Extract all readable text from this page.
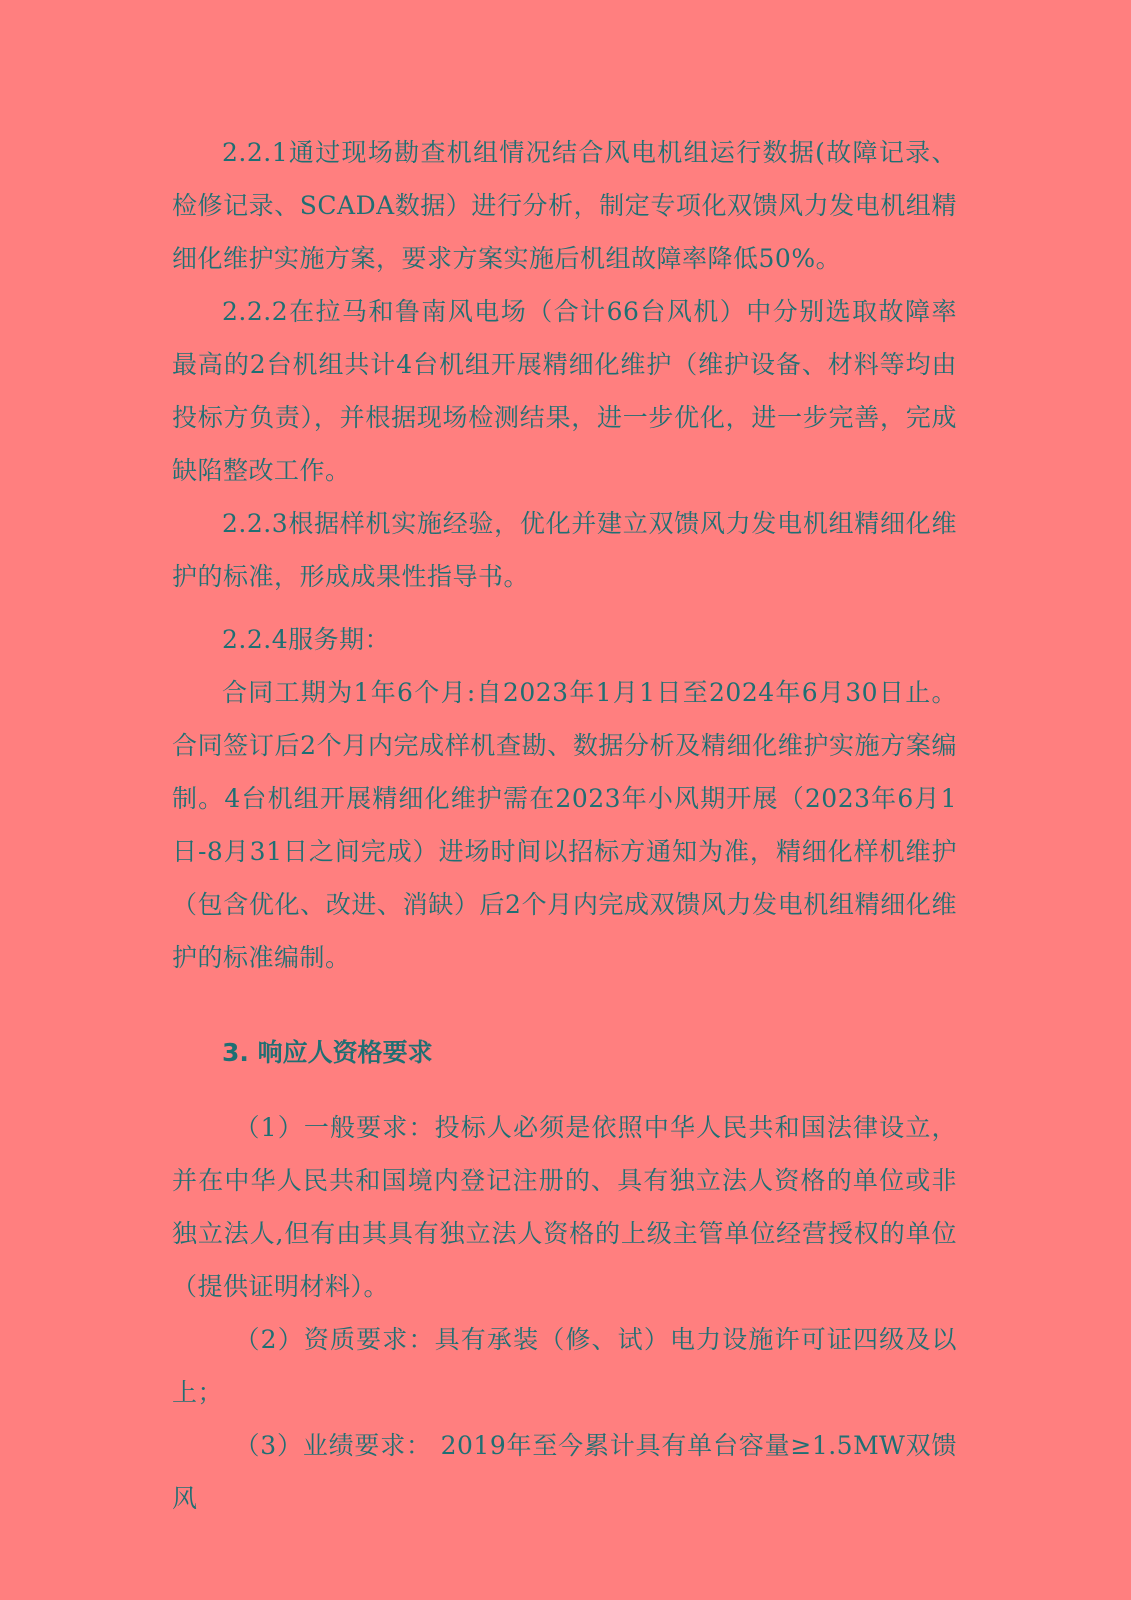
2.2.1通过现场勘查机组情况结合风电机组运行数据(故障记录、检修记录、SCADA数据）进行分析，制定专项化双馈风力发电机组精细化维护实施方案，要求方案实施后机组故障率降低50%。

2.2.2在拉马和鲁南风电场（合计66台风机）中分别选取故障率最高的2台机组共计4台机组开展精细化维护（维护设备、材料等均由投标方负责），并根据现场检测结果，进一步优化，进一步完善，完成缺陷整改工作。

2.2.3根据样机实施经验，优化并建立双馈风力发电机组精细化维护的标准，形成成果性指导书。

2.2.4服务期：

合同工期为1年6个月:自2023年1月1日至2024年6月30日止。合同签订后2个月内完成样机查勘、数据分析及精细化维护实施方案编制。4台机组开展精细化维护需在2023年小风期开展（2023年6月1日-8月31日之间完成）进场时间以招标方通知为准，精细化样机维护（包含优化、改进、消缺）后2个月内完成双馈风力发电机组精细化维护的标准编制。

3. 响应人资格要求

（1）一般要求：投标人必须是依照中华人民共和国法律设立，并在中华人民共和国境内登记注册的、具有独立法人资格的单位或非独立法人,但有由其具有独立法人资格的上级主管单位经营授权的单位（提供证明材料）。

（2）资质要求：具有承装（修、试）电力设施许可证四级及以上；

（3）业绩要求： 2019年至今累计具有单台容量≥1.5MW双馈风
